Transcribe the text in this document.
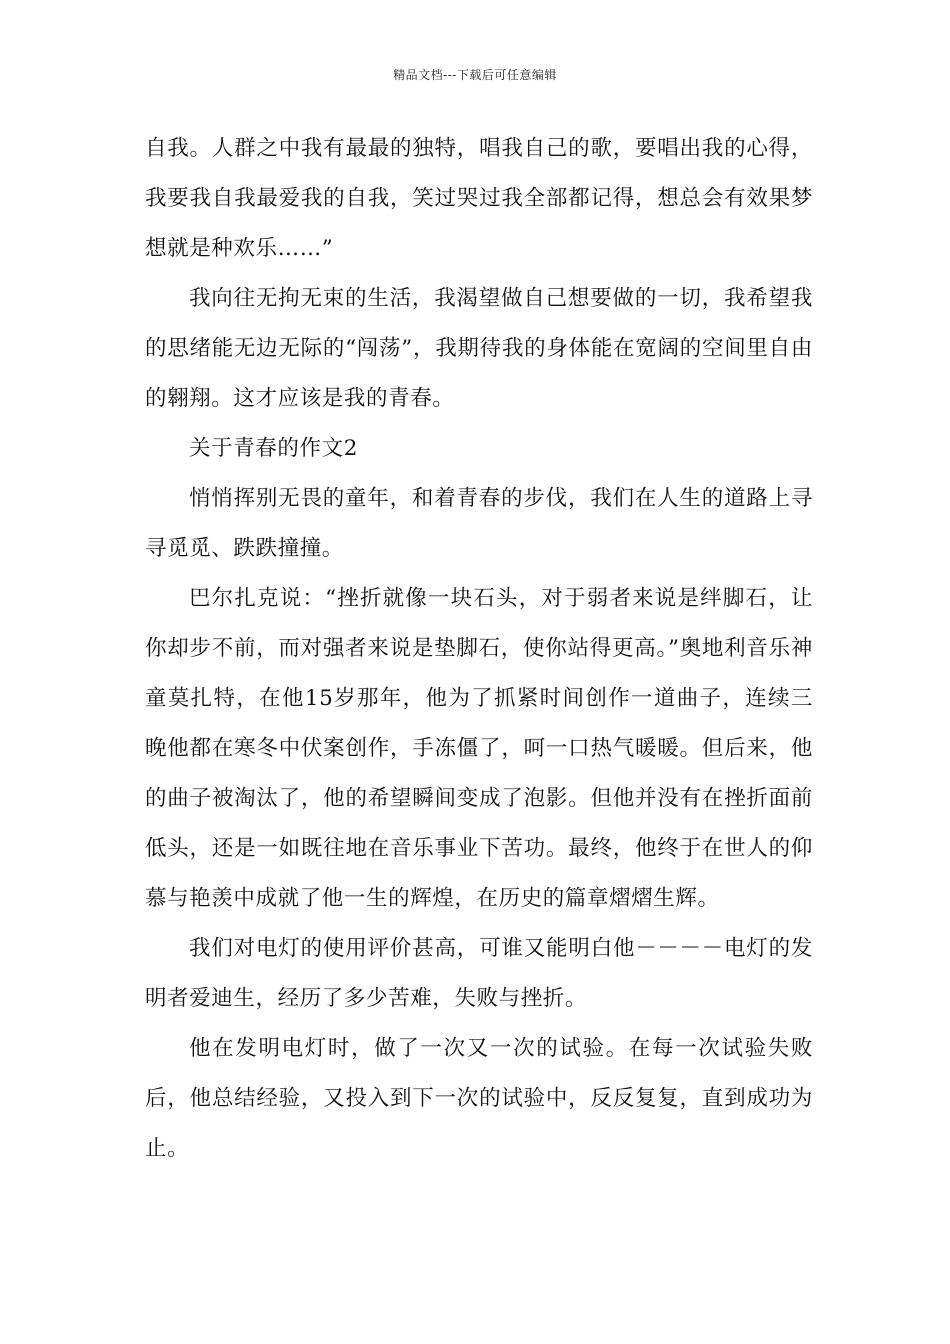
精品文档---下载后可任意编辑

自我。人群之中我有最最的独特，唱我自己的歌，要唱出我的心得，我要我自我最爱我的自我，笑过哭过我全部都记得，想总会有效果梦想就是种欢乐……”

我向往无拘无束的生活，我渴望做自己想要做的一切，我希望我的思绪能无边无际的“闯荡”，我期待我的身体能在宽阔的空间里自由的翱翔。这才应该是我的青春。

关于青春的作文2

悄悄挥别无畏的童年，和着青春的步伐，我们在人生的道路上寻寻觅觅、跌跌撞撞。

巴尔扎克说：“挫折就像一块石头，对于弱者来说是绊脚石，让你却步不前，而对强者来说是垫脚石，使你站得更高。”奥地利音乐神童莫扎特，在他15岁那年，他为了抓紧时间创作一道曲子，连续三晚他都在寒冬中伏案创作，手冻僵了，呵一口热气暖暖。但后来，他的曲子被淘汰了，他的希望瞬间变成了泡影。但他并没有在挫折面前低头，还是一如既往地在音乐事业下苦功。最终，他终于在世人的仰慕与艳羡中成就了他一生的辉煌，在历史的篇章熠熠生辉。

我们对电灯的使用评价甚高，可谁又能明白他－－－－电灯的发明者爱迪生，经历了多少苦难，失败与挫折。

他在发明电灯时，做了一次又一次的试验。在每一次试验失败后，他总结经验，又投入到下一次的试验中，反反复复，直到成功为止。
